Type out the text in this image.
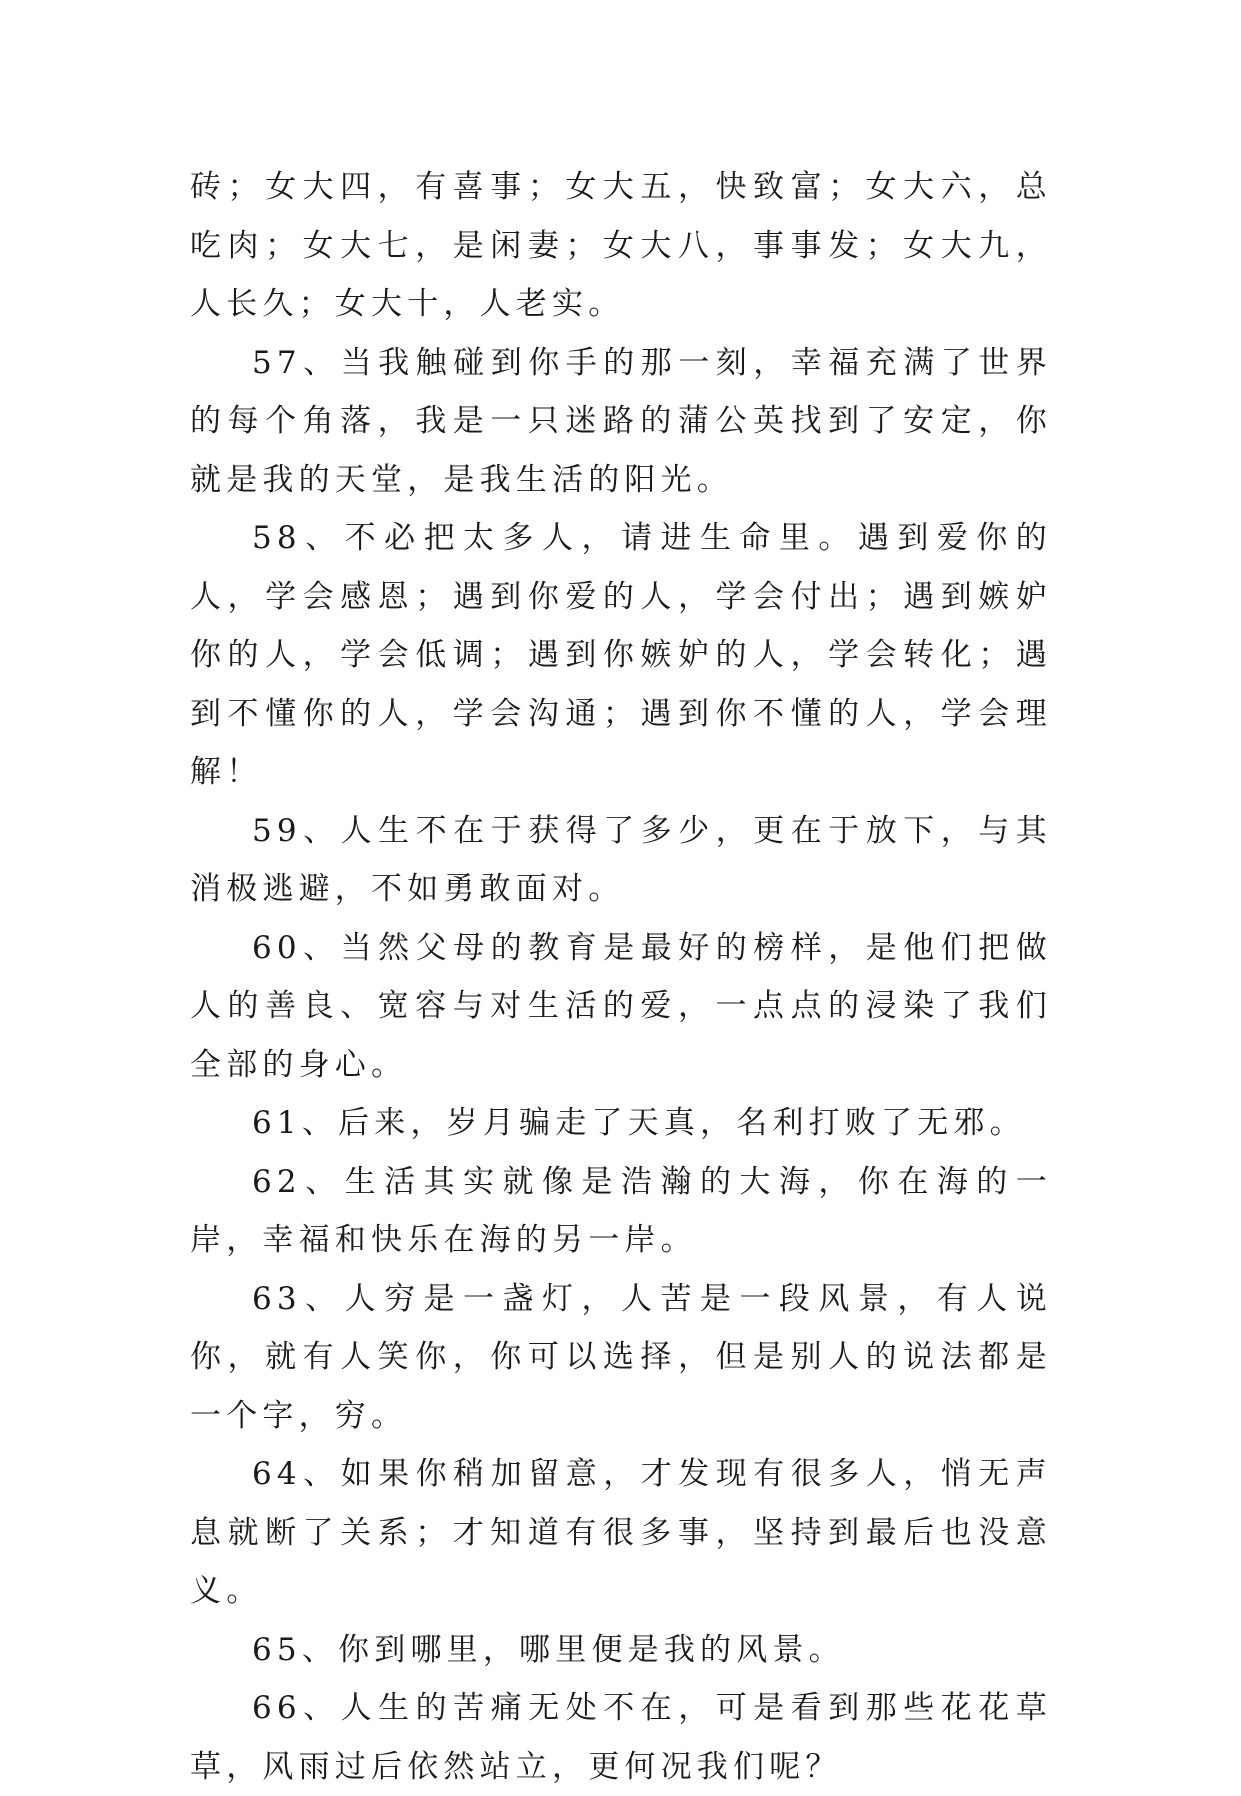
砖；女大四，有喜事；女大五，快致富；女大六，总吃肉；女大七，是闲妻；女大八，事事发；女大九，人长久；女大十，人老实。

57、当我触碰到你手的那一刻，幸福充满了世界的每个角落，我是一只迷路的蒲公英找到了安定，你就是我的天堂，是我生活的阳光。

58、不必把太多人，请进生命里。遇到爱你的人，学会感恩；遇到你爱的人，学会付出；遇到嫉妒你的人，学会低调；遇到你嫉妒的人，学会转化；遇到不懂你的人，学会沟通；遇到你不懂的人，学会理解！

59、人生不在于获得了多少，更在于放下，与其消极逃避，不如勇敢面对。

60、当然父母的教育是最好的榜样，是他们把做人的善良、宽容与对生活的爱，一点点的浸染了我们全部的身心。

61、后来，岁月骗走了天真，名利打败了无邪。

62、生活其实就像是浩瀚的大海，你在海的一岸，幸福和快乐在海的另一岸。

63、人穷是一盏灯，人苦是一段风景，有人说你，就有人笑你，你可以选择，但是别人的说法都是一个字，穷。

64、如果你稍加留意，才发现有很多人，悄无声息就断了关系；才知道有很多事，坚持到最后也没意义。

65、你到哪里，哪里便是我的风景。

66、人生的苦痛无处不在，可是看到那些花花草草，风雨过后依然站立，更何况我们呢？
